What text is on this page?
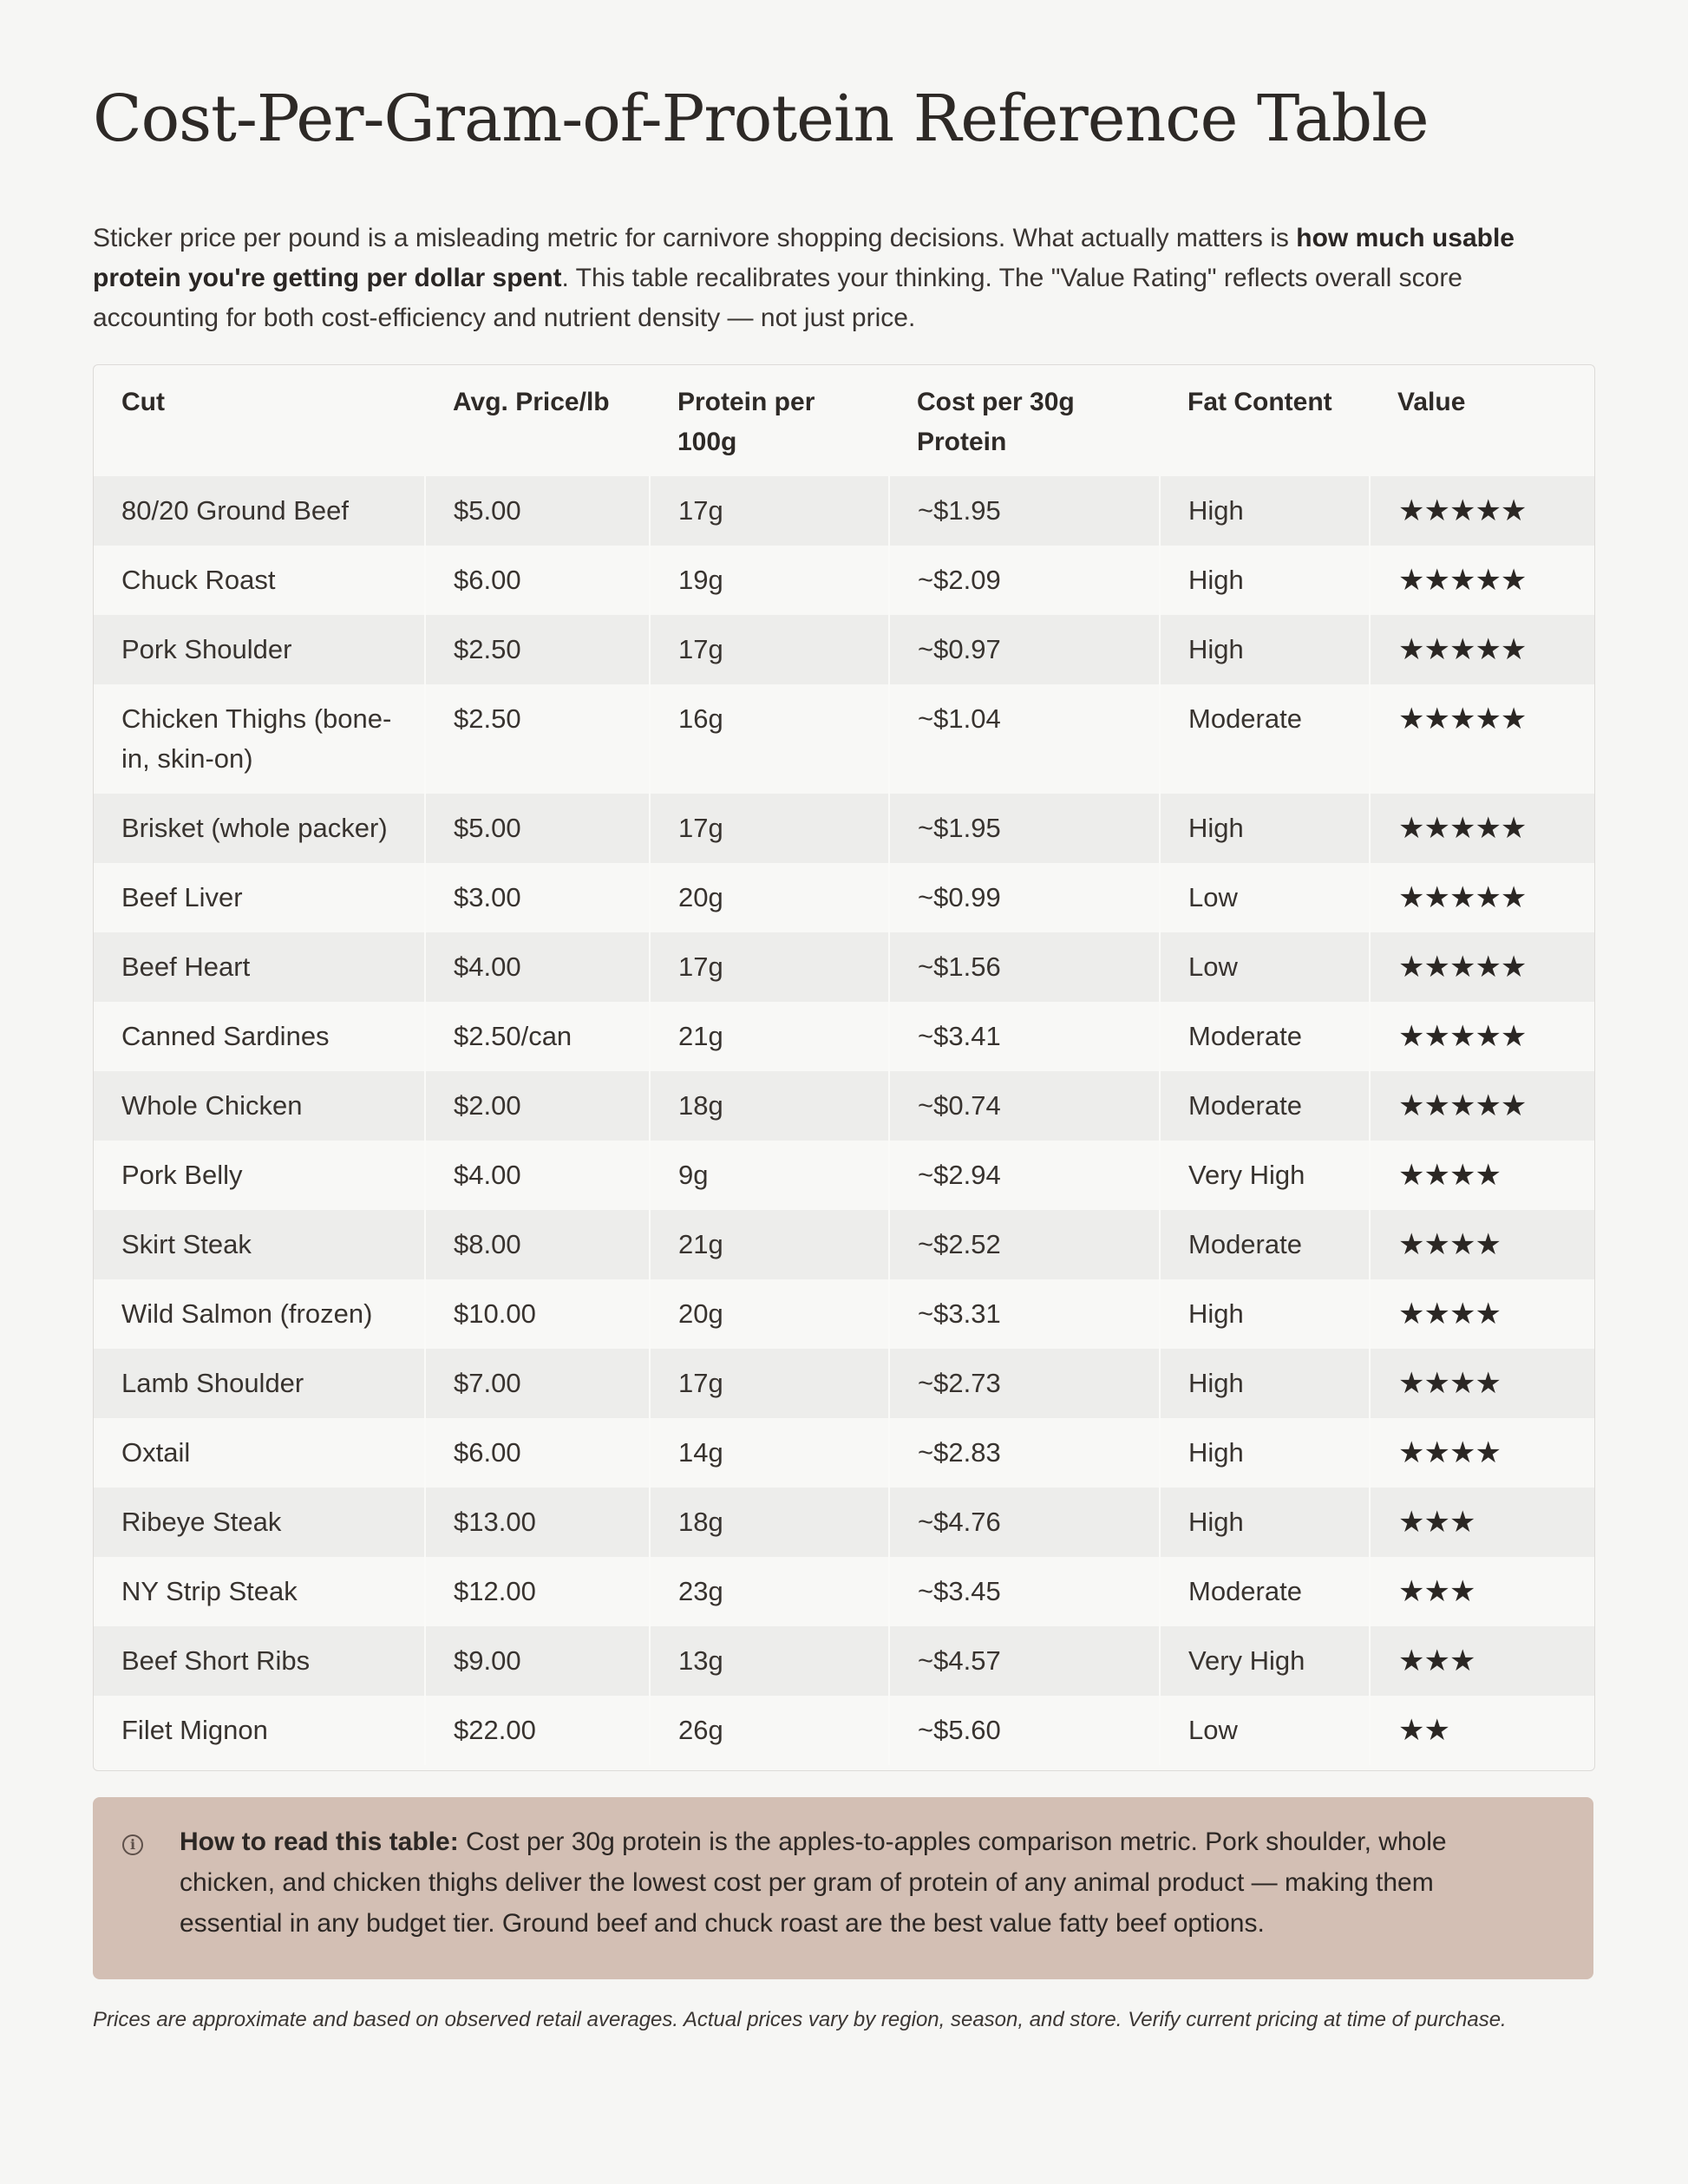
Cost-Per-Gram-of-Protein Reference Table

Sticker price per pound is a misleading metric for carnivore shopping decisions. What actually matters is how much usable protein you're getting per dollar spent. This table recalibrates your thinking. The "Value Rating" reflects overall score accounting for both cost-efficiency and nutrient density — not just price.

Cut	Avg. Price/lb	Protein per 100g	Cost per 30g Protein	Fat Content	Value
80/20 Ground Beef	$5.00	17g	~$1.95	High	★★★★★
Chuck Roast	$6.00	19g	~$2.09	High	★★★★★
Pork Shoulder	$2.50	17g	~$0.97	High	★★★★★
Chicken Thighs (bone-in, skin-on)	$2.50	16g	~$1.04	Moderate	★★★★★
Brisket (whole packer)	$5.00	17g	~$1.95	High	★★★★★
Beef Liver	$3.00	20g	~$0.99	Low	★★★★★
Beef Heart	$4.00	17g	~$1.56	Low	★★★★★
Canned Sardines	$2.50/can	21g	~$3.41	Moderate	★★★★★
Whole Chicken	$2.00	18g	~$0.74	Moderate	★★★★★
Pork Belly	$4.00	9g	~$2.94	Very High	★★★★
Skirt Steak	$8.00	21g	~$2.52	Moderate	★★★★
Wild Salmon (frozen)	$10.00	20g	~$3.31	High	★★★★
Lamb Shoulder	$7.00	17g	~$2.73	High	★★★★
Oxtail	$6.00	14g	~$2.83	High	★★★★
Ribeye Steak	$13.00	18g	~$4.76	High	★★★
NY Strip Steak	$12.00	23g	~$3.45	Moderate	★★★
Beef Short Ribs	$9.00	13g	~$4.57	Very High	★★★
Filet Mignon	$22.00	26g	~$5.60	Low	★★
i How to read this table: Cost per 30g protein is the apples-to-apples comparison metric. Pork shoulder, whole chicken, and chicken thighs deliver the lowest cost per gram of protein of any animal product — making them essential in any budget tier. Ground beef and chuck roast are the best value fatty beef options.

Prices are approximate and based on observed retail averages. Actual prices vary by region, season, and store. Verify current pricing at time of purchase.
